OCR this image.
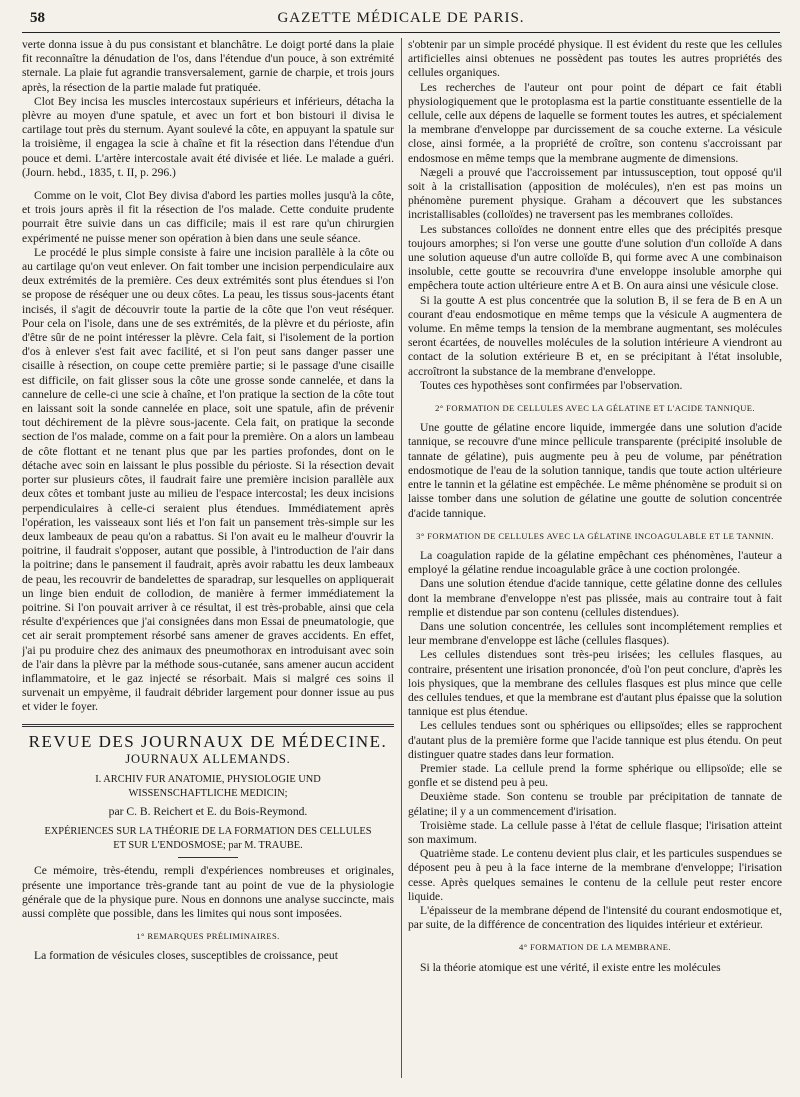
58	GAZETTE MÉDICALE DE PARIS.

verte donna issue à du pus consistant et blanchâtre. Le doigt porté dans la plaie fit reconnaître la dénudation de l'os, dans l'étendue d'un pouce, à son extrémité sternale. La plaie fut agrandie transversalement, garnie de charpie, et trois jours après, la résection de la partie malade fut pratiquée.

Clot Bey incisa les muscles intercostaux supérieurs et inférieurs, détacha la plèvre au moyen d'une spatule, et avec un fort et bon bistouri il divisa le cartilage tout près du sternum. Ayant soulevé la côte, en appuyant la spatule sur la troisième, il engagea la scie à chaîne et fit la résection dans l'étendue d'un pouce et demi. L'artère intercostale avait été divisée et liée. Le malade a guéri. (Journ. hebd., 1835, t. II, p. 296.)

Comme on le voit, Clot Bey divisa d'abord les parties molles jusqu'à la côte, et trois jours après il fit la résection de l'os malade. Cette conduite prudente pourrait être suivie dans un cas difficile; mais il est rare qu'un chirurgien expérimenté ne puisse mener son opération à bien dans une seule séance.

Le procédé le plus simple consiste à faire une incision parallèle à la côte ou au cartilage qu'on veut enlever. On fait tomber une incision perpendiculaire aux deux extrémités de la première. Ces deux extrémités sont plus étendues si l'on se propose de réséquer une ou deux côtes. La peau, les tissus sous-jacents étant incisés, il s'agit de découvrir toute la partie de la côte que l'on veut réséquer. Pour cela on l'isole, dans une de ses extrémités, de la plèvre et du périoste, afin d'être sûr de ne point intéresser la plèvre. Cela fait, si l'isolement de la portion d'os à enlever s'est fait avec facilité, et si l'on peut sans danger passer une cisaille à résection, on coupe cette première partie; si le passage d'une cisaille est difficile, on fait glisser sous la côte une grosse sonde cannelée, et dans la cannelure de celle-ci une scie à chaîne, et l'on pratique la section de la côte tout en laissant soit la sonde cannelée en place, soit une spatule, afin de prévenir tout déchirement de la plèvre sous-jacente. Cela fait, on pratique la seconde section de l'os malade, comme on a fait pour la première. On a alors un lambeau de côte flottant et ne tenant plus que par les parties profondes, dont on le détache avec soin en laissant le plus possible du périoste. Si la résection devait porter sur plusieurs côtes, il faudrait faire une première incision parallèle aux deux côtes et tombant juste au milieu de l'espace intercostal; les deux incisions perpendiculaires à celle-ci seraient plus étendues. Immédiatement après l'opération, les vaisseaux sont liés et l'on fait un pansement très-simple sur les deux lambeaux de peau qu'on a rabattus. Si l'on avait eu le malheur d'ouvrir la poitrine, il faudrait s'opposer, autant que possible, à l'introduction de l'air dans la poitrine; dans le pansement il faudrait, après avoir rabattu les deux lambeaux de peau, les recouvrir de bandelettes de sparadrap, sur lesquelles on appliquerait un linge bien enduit de collodion, de manière à fermer immédiatement la poitrine. Si l'on pouvait arriver à ce résultat, il est très-probable, ainsi que cela résulte d'expériences que j'ai consignées dans mon Essai de pneumatologie, que cet air serait promptement résorbé sans amener de graves accidents. En effet, j'ai pu produire chez des animaux des pneumothorax en introduisant avec soin de l'air dans la plèvre par la méthode sous-cutanée, sans amener aucun accident inflammatoire, et le gaz injecté se résorbait. Mais si malgré ces soins il survenait un empyème, il faudrait débrider largement pour donner issue au pus et vider le foyer.

REVUE DES JOURNAUX DE MÉDECINE.
JOURNAUX ALLEMANDS.
I. ARCHIV FUR ANATOMIE, PHYSIOLOGIE UND
WISSENSCHAFTLICHE MEDICIN;
par C. B. Reichert et E. du Bois-Reymond.
EXPÉRIENCES SUR LA THÉORIE DE LA FORMATION DES CELLULES
ET SUR L'ENDOSMOSE; par M. TRAUBE.

Ce mémoire, très-étendu, rempli d'expériences nombreuses et originales, présente une importance très-grande tant au point de vue de la physiologie générale que de la physique pure. Nous en donnons une analyse succincte, mais aussi complète que possible, dans les limites qui nous sont imposées.

1° REMARQUES PRÉLIMINAIRES.

La formation de vésicules closes, susceptibles de croissance, peut

s'obtenir par un simple procédé physique. Il est évident du reste que les cellules artificielles ainsi obtenues ne possèdent pas toutes les autres propriétés des cellules organiques.

Les recherches de l'auteur ont pour point de départ ce fait établi physiologiquement que le protoplasma est la partie constituante essentielle de la cellule, celle aux dépens de laquelle se forment toutes les autres, et spécialement la membrane d'enveloppe par durcissement de sa couche externe. La vésicule close, ainsi formée, a la propriété de croître, son contenu s'accroissant par endosmose en même temps que la membrane augmente de dimensions.

Nægeli a prouvé que l'accroissement par intussusception, tout opposé qu'il soit à la cristallisation (apposition de molécules), n'en est pas moins un phénomène purement physique. Graham a découvert que les substances incristallisables (colloïdes) ne traversent pas les membranes colloïdes.

Les substances colloïdes ne donnent entre elles que des précipités presque toujours amorphes; si l'on verse une goutte d'une solution d'un colloïde A dans une solution aqueuse d'un autre colloïde B, qui forme avec A une combinaison insoluble, cette goutte se recouvrira d'une enveloppe insoluble amorphe qui empêchera toute action ultérieure entre A et B. On aura ainsi une vésicule close.

Si la goutte A est plus concentrée que la solution B, il se fera de B en A un courant d'eau endosmotique en même temps que la vésicule A augmentera de volume. En même temps la tension de la membrane augmentant, ses molécules seront écartées, de nouvelles molécules de la solution intérieure A viendront au contact de la solution extérieure B et, en se précipitant à l'état insoluble, accroîtront la substance de la membrane d'enveloppe.

Toutes ces hypothèses sont confirmées par l'observation.

2° FORMATION DE CELLULES AVEC LA GÉLATINE ET L'ACIDE TANNIQUE.

Une goutte de gélatine encore liquide, immergée dans une solution d'acide tannique, se recouvre d'une mince pellicule transparente (précipité insoluble de tannate de gélatine), puis augmente peu à peu de volume, par pénétration endosmotique de l'eau de la solution tannique, tandis que toute action ultérieure entre le tannin et la gélatine est empêchée. Le même phénomène se produit si on laisse tomber dans une solution de gélatine une goutte de solution concentrée d'acide tannique.

3° FORMATION DE CELLULES AVEC LA GÉLATINE INCOAGULABLE ET LE TANNIN.

La coagulation rapide de la gélatine empêchant ces phénomènes, l'auteur a employé la gélatine rendue incoagulable grâce à une coction prolongée.

Dans une solution étendue d'acide tannique, cette gélatine donne des cellules dont la membrane d'enveloppe n'est pas plissée, mais au contraire tout à fait remplie et distendue par son contenu (cellules distendues).

Dans une solution concentrée, les cellules sont incomplétement remplies et leur membrane d'enveloppe est lâche (cellules flasques).

Les cellules distendues sont très-peu irisées; les cellules flasques, au contraire, présentent une irisation prononcée, d'où l'on peut conclure, d'après les lois physiques, que la membrane des cellules flasques est plus mince que celle des cellules tendues, et que la membrane est d'autant plus épaisse que la solution tannique est plus étendue.

Les cellules tendues sont ou sphériques ou ellipsoïdes; elles se rapprochent d'autant plus de la première forme que l'acide tannique est plus étendu. On peut distinguer quatre stades dans leur formation.

Premier stade. La cellule prend la forme sphérique ou ellipsoïde; elle se gonfle et se distend peu à peu.

Deuxième stade. Son contenu se trouble par précipitation de tannate de gélatine; il y a un commencement d'irisation.

Troisième stade. La cellule passe à l'état de cellule flasque; l'irisation atteint son maximum.

Quatrième stade. Le contenu devient plus clair, et les particules suspendues se déposent peu à peu à la face interne de la membrane d'enveloppe; l'irisation cesse. Après quelques semaines le contenu de la cellule peut rester encore liquide.

L'épaisseur de la membrane dépend de l'intensité du courant endosmotique et, par suite, de la différence de concentration des liquides intérieur et extérieur.

4° FORMATION DE LA MEMBRANE.

Si la théorie atomique est une vérité, il existe entre les molécules
